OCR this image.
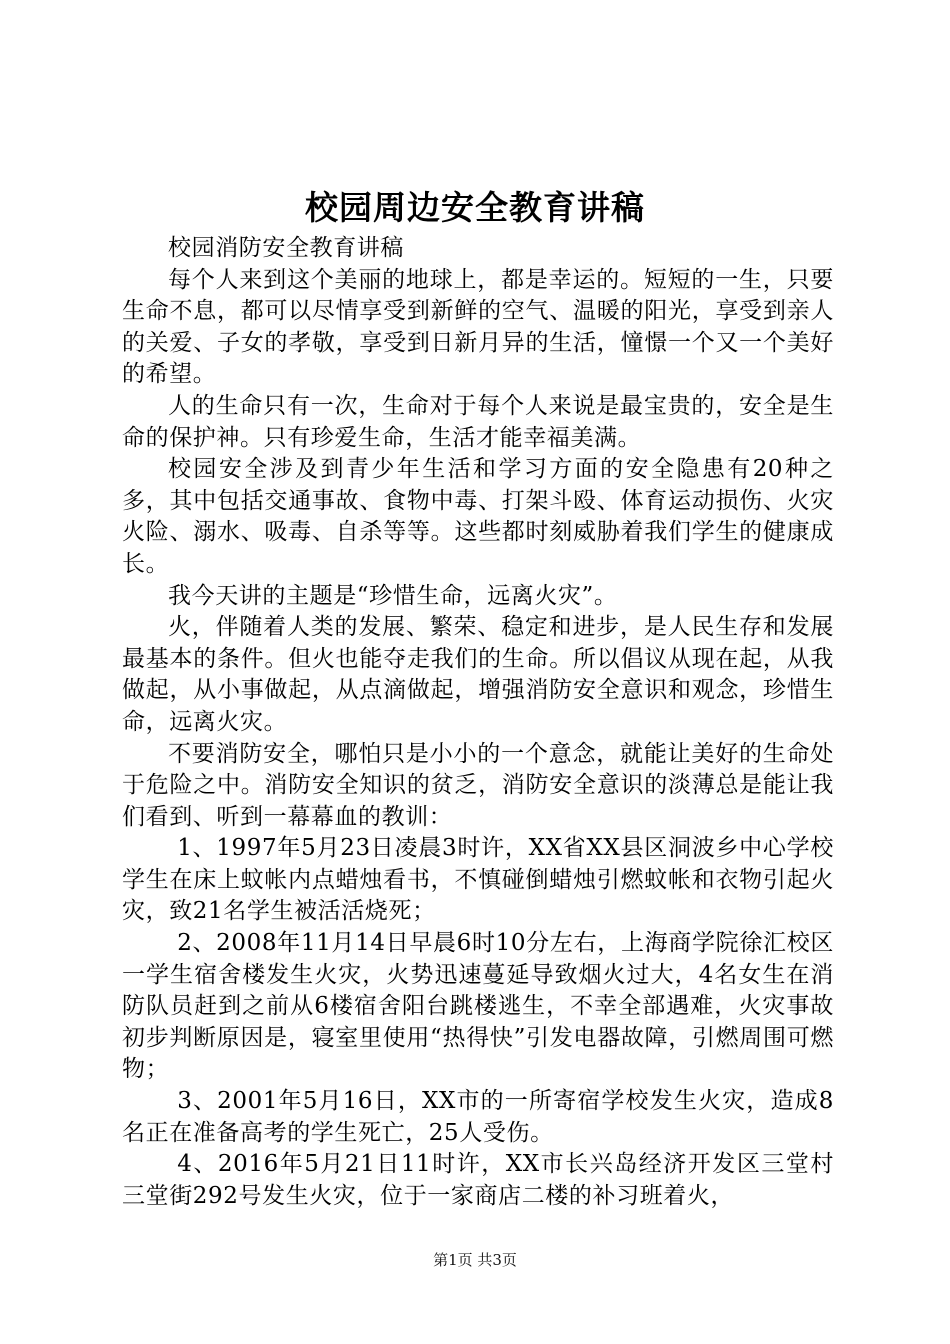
校园周边安全教育讲稿

校园消防安全教育讲稿

每个人来到这个美丽的地球上，都是幸运的。短短的一生，只要生命不息，都可以尽情享受到新鲜的空气、温暖的阳光，享受到亲人的关爱、子女的孝敬，享受到日新月异的生活，憧憬一个又一个美好的希望。

人的生命只有一次，生命对于每个人来说是最宝贵的，安全是生命的保护神。只有珍爱生命，生活才能幸福美满。

校园安全涉及到青少年生活和学习方面的安全隐患有20种之多，其中包括交通事故、食物中毒、打架斗殴、体育运动损伤、火灾火险、溺水、吸毒、自杀等等。这些都时刻威胁着我们学生的健康成长。

我今天讲的主题是“珍惜生命，远离火灾”。

火，伴随着人类的发展、繁荣、稳定和进步，是人民生存和发展最基本的条件。但火也能夺走我们的生命。所以倡议从现在起，从我做起，从小事做起，从点滴做起，增强消防安全意识和观念，珍惜生命，远离火灾。

不要消防安全，哪怕只是小小的一个意念，就能让美好的生命处于危险之中。消防安全知识的贫乏，消防安全意识的淡薄总是能让我们看到、听到一幕幕血的教训：

1、1997年5月23日凌晨3时许，XX省XX县区洞波乡中心学校学生在床上蚊帐内点蜡烛看书，不慎碰倒蜡烛引燃蚊帐和衣物引起火灾，致21名学生被活活烧死；

2、2008年11月14日早晨6时10分左右，上海商学院徐汇校区一学生宿舍楼发生火灾，火势迅速蔓延导致烟火过大，4名女生在消防队员赶到之前从6楼宿舍阳台跳楼逃生，不幸全部遇难，火灾事故初步判断原因是，寝室里使用“热得快”引发电器故障，引燃周围可燃物；

3、2001年5月16日，XX市的一所寄宿学校发生火灾，造成8名正在准备高考的学生死亡，25人受伤。

4、2016年5月21日11时许，XX市长兴岛经济开发区三堂村三堂街292号发生火灾，位于一家商店二楼的补习班着火，

第1页 共3页
